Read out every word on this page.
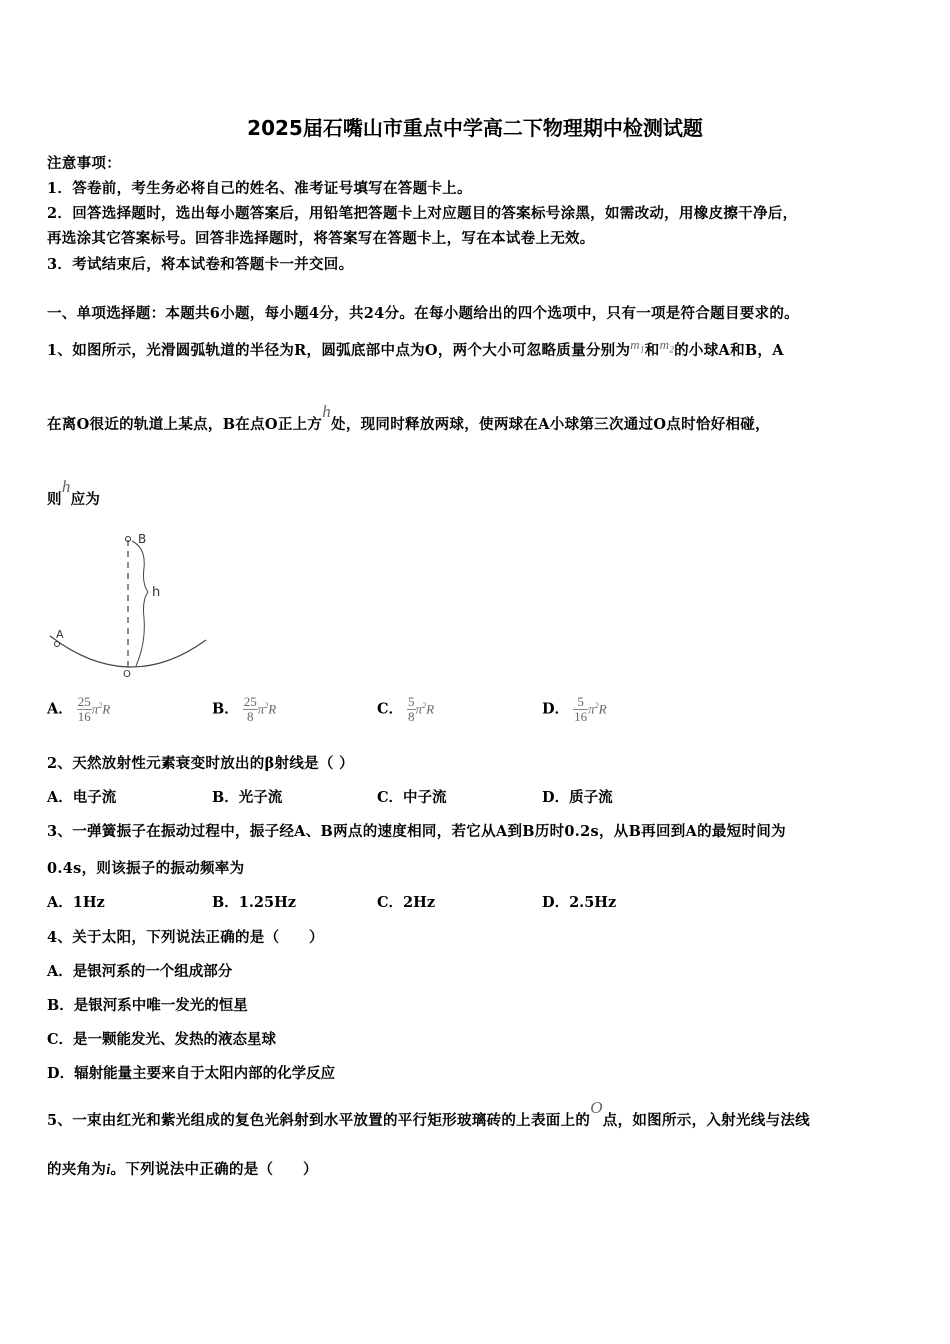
2025届石嘴山市重点中学高二下物理期中检测试题
注意事项：
1．答卷前，考生务必将自己的姓名、准考证号填写在答题卡上。
2．回答选择题时，选出每小题答案后，用铅笔把答题卡上对应题目的答案标号涂黑，如需改动，用橡皮擦干净后，
再选涂其它答案标号。回答非选择题时，将答案写在答题卡上，写在本试卷上无效。
3．考试结束后，将本试卷和答题卡一并交回。
一、单项选择题：本题共6小题，每小题4分，共24分。在每小题给出的四个选项中，只有一项是符合题目要求的。
1、如图所示，光滑圆弧轨道的半径为R，圆弧底部中点为O，两个大小可忽略质量分别为$m_1$和$m_2$的小球A和B，A
在离O很近的轨道上某点，B在点O正上方h处，现同时释放两球，使两球在A小球第三次通过O点时恰好相碰，
则h应为
B
h
A
O
A． $\frac{25}{16} \pi^2R$	B． $\frac{25}{8} \pi^2R$	C． $\frac{5}{8} \pi^2R$	D． $\frac{5}{16} \pi^2R$
2、天然放射性元素衰变时放出的β射线是（ ）
A．电子流	B．光子流	C．中子流	D．质子流
3、一弹簧振子在振动过程中，振子经A、B两点的速度相同，若它从A到B历时0.2s，从B再回到A的最短时间为
0.4s，则该振子的振动频率为
A．1Hz	B．1.25Hz	C．2Hz	D．2.5Hz
4、关于太阳，下列说法正确的是（　　）
A．是银河系的一个组成部分
B．是银河系中唯一发光的恒星
C．是一颗能发光、发热的液态星球
D．辐射能量主要来自于太阳内部的化学反应
5、一束由红光和紫光组成的复色光斜射到水平放置的平行矩形玻璃砖的上表面上的O点，如图所示，入射光线与法线
的夹角为i。下列说法中正确的是（　　）
